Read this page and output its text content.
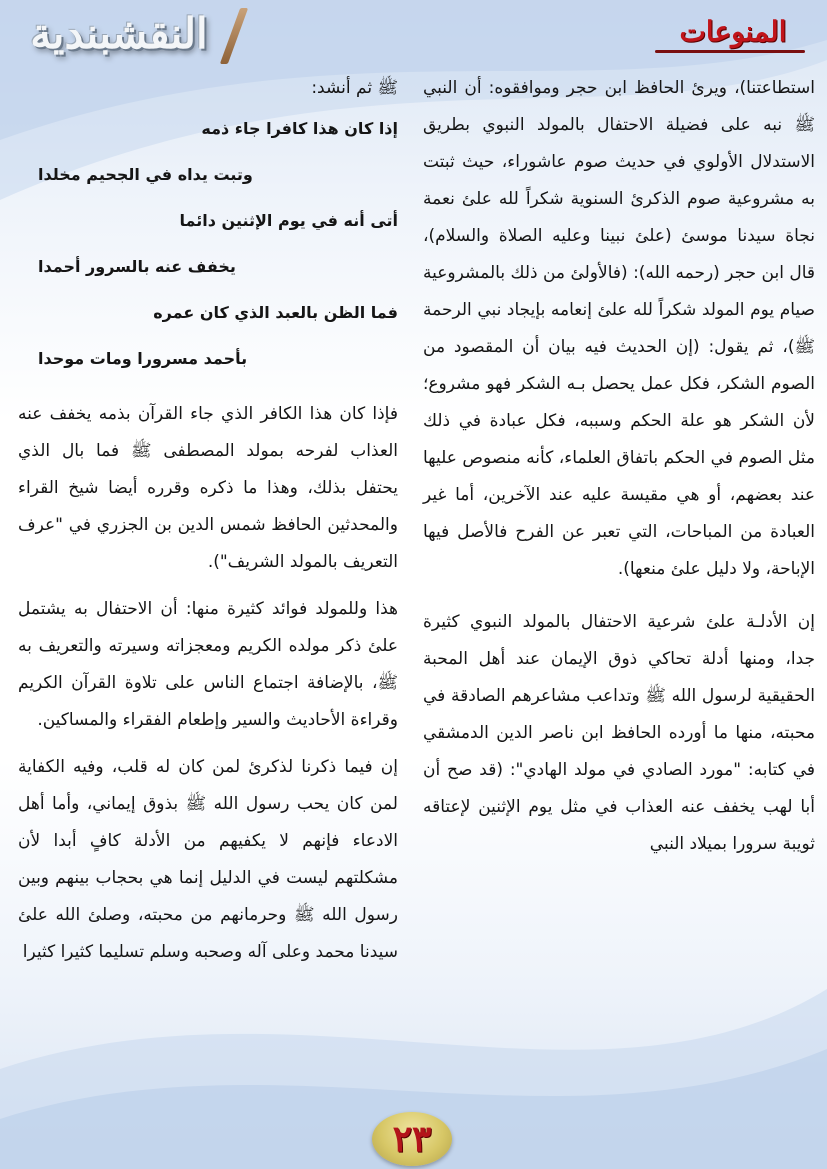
النقشبندية	المنوعات

استطاعتنا)، ويرئ الحافظ ابن حجر وموافقوه: أن النبي ﷺ نبه على فضيلة الاحتفال بالمولد النبوي بطريق الاستدلال الأولوي في حديث صوم عاشوراء، حيث ثبتت به مشروعية صوم الذكرئ السنوية شكراً لله علئ نعمة نجاة سيدنا موسئ (علئ نبينا وعليه الصلاة والسلام)، قال ابن حجر (رحمه الله): (فالأولئ من ذلك بالمشروعية صيام يوم المولد شكراً لله علئ إنعامه بإيجاد نبي الرحمة ﷺ)، ثم يقول: (إن الحديث فيه بيان أن المقصود من الصوم الشكر، فكل عمل يحصل بـه الشكر فهو مشروع؛ لأن الشكر هو علة الحكم وسببه، فكل عبادة في ذلك مثل الصوم في الحكم باتفاق العلماء، كأنه منصوص عليها عند بعضهم، أو هي مقيسة عليه عند الآخرين، أما غير العبادة من المباحات، التي تعبر عن الفرح فالأصل فيها الإباحة، ولا دليل علئ منعها).

إن الأدلـة علئ شرعية الاحتفال بالمولد النبوي كثيرة جدا، ومنها أدلة تحاكي ذوق الإيمان عند أهل المحبة الحقيقية لرسول الله ﷺ وتداعب مشاعرهم الصادقة في محبته، منها ما أورده الحافظ ابن ناصر الدين الدمشقي في كتابه: "مورد الصادي في مولد الهادي": (قد صح أن أبا لهب يخفف عنه العذاب في مثل يوم الإثنين لإعتاقه ثويبة سرورا بميلاد النبي

ﷺ ثم أنشد:

إذا كان هذا كافرا جاء ذمه
وتبت يداه في الجحيم مخلدا
أتى أنه في يوم الإثنين دائما
يخفف عنه بالسرور أحمدا
فما الظن بالعبد الذي كان عمره
بأحمد مسرورا ومات موحدا

فإذا كان هذا الكافر الذي جاء القرآن بذمه يخفف عنه العذاب لفرحه بمولد المصطفى ﷺ فما بال الذي يحتفل بذلك، وهذا ما ذكره وقرره أيضا شيخ القراء والمحدثين الحافظ شمس الدين بن الجزري في "عرف التعريف بالمولد الشريف").

هذا وللمولد فوائد كثيرة منها: أن الاحتفال به يشتمل علئ ذكر مولده الكريم ومعجزاته وسيرته والتعريف به ﷺ، بالإضافة اجتماع الناس على تلاوة القرآن الكريم وقراءة الأحاديث والسير وإطعام الفقراء والمساكين.

إن فيما ذكرنا لذكرئ لمن كان له قلب، وفيه الكفاية لمن كان يحب رسول الله ﷺ بذوق إيماني، وأما أهل الادعاء فإنهم لا يكفيهم من الأدلة كافٍ أبدا لأن مشكلتهم ليست في الدليل إنما هي بحجاب بينهم وبين رسول الله ﷺ وحرمانهم من محبته، وصلئ الله علئ سيدنا محمد وعلى آله وصحبه وسلم تسليما كثيرا كثيرا

٢٣
